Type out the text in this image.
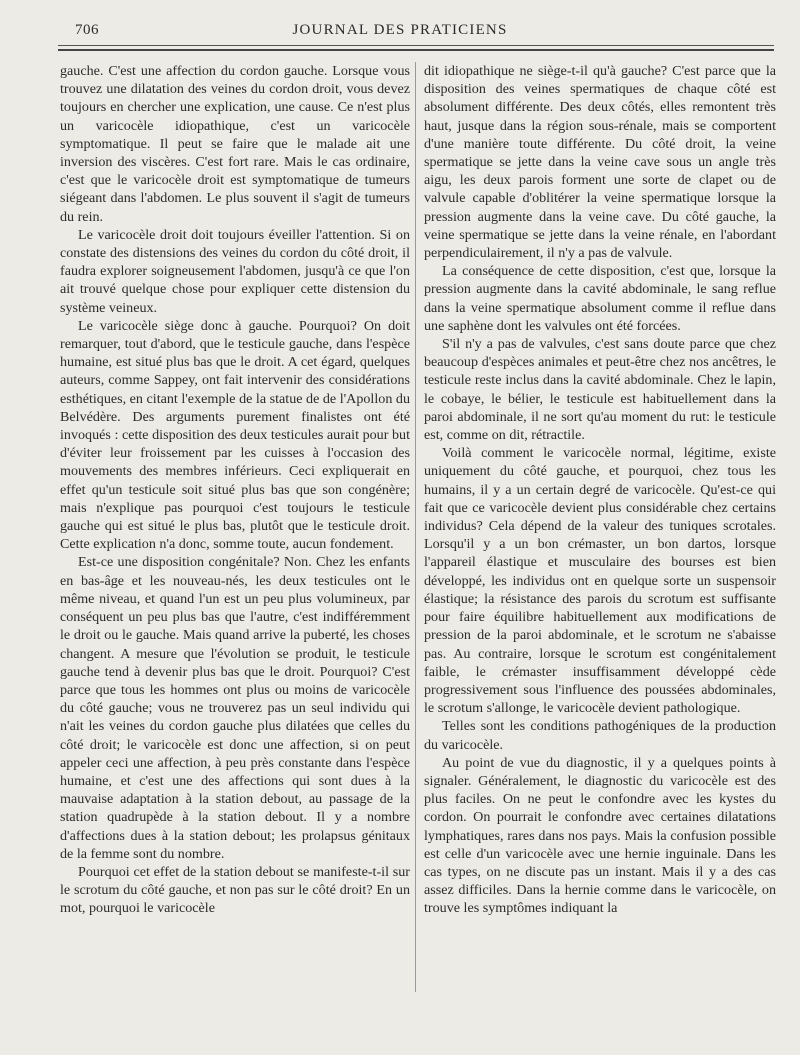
706	JOURNAL DES PRATICIENS

gauche. C'est une affection du cordon gauche. Lorsque vous trouvez une dilatation des veines du cordon droit, vous devez toujours en chercher une explication, une cause. Ce n'est plus un varicocèle idiopathique, c'est un varicocèle symptomatique. Il peut se faire que le malade ait une inversion des viscères. C'est fort rare. Mais le cas ordinaire, c'est que le varicocèle droit est symptomatique de tumeurs siégeant dans l'abdomen. Le plus souvent il s'agit de tumeurs du rein.

Le varicocèle droit doit toujours éveiller l'attention. Si on constate des distensions des veines du cordon du côté droit, il faudra explorer soigneusement l'abdomen, jusqu'à ce que l'on ait trouvé quelque chose pour expliquer cette distension du système veineux.

Le varicocèle siège donc à gauche. Pourquoi? On doit remarquer, tout d'abord, que le testicule gauche, dans l'espèce humaine, est situé plus bas que le droit. A cet égard, quelques auteurs, comme Sappey, ont fait intervenir des considérations esthétiques, en citant l'exemple de la statue de de l'Apollon du Belvédère. Des arguments purement finalistes ont été invoqués : cette disposition des deux testicules aurait pour but d'éviter leur froissement par les cuisses à l'occasion des mouvements des membres inférieurs. Ceci expliquerait en effet qu'un testicule soit situé plus bas que son congénère; mais n'explique pas pourquoi c'est toujours le testicule gauche qui est situé le plus bas, plutôt que le testicule droit. Cette explication n'a donc, somme toute, aucun fondement.

Est-ce une disposition congénitale? Non. Chez les enfants en bas-âge et les nouveau-nés, les deux testicules ont le même niveau, et quand l'un est un peu plus volumineux, par conséquent un peu plus bas que l'autre, c'est indifféremment le droit ou le gauche. Mais quand arrive la puberté, les choses changent. A mesure que l'évolution se produit, le testicule gauche tend à devenir plus bas que le droit. Pourquoi? C'est parce que tous les hommes ont plus ou moins de varicocèle du côté gauche; vous ne trouverez pas un seul individu qui n'ait les veines du cordon gauche plus dilatées que celles du côté droit; le varicocèle est donc une affection, si on peut appeler ceci une affection, à peu près constante dans l'espèce humaine, et c'est une des affections qui sont dues à la mauvaise adaptation à la station debout, au passage de la station quadrupède à la station debout. Il y a nombre d'affections dues à la station debout; les prolapsus génitaux de la femme sont du nombre.

Pourquoi cet effet de la station debout se manifeste-t-il sur le scrotum du côté gauche, et non pas sur le côté droit? En un mot, pourquoi le varicocèle

dit idiopathique ne siège-t-il qu'à gauche? C'est parce que la disposition des veines spermatiques de chaque côté est absolument différente. Des deux côtés, elles remontent très haut, jusque dans la région sous-rénale, mais se comportent d'une manière toute différente. Du côté droit, la veine spermatique se jette dans la veine cave sous un angle très aigu, les deux parois forment une sorte de clapet ou de valvule capable d'oblitérer la veine spermatique lorsque la pression augmente dans la veine cave. Du côté gauche, la veine spermatique se jette dans la veine rénale, en l'abordant perpendiculairement, il n'y a pas de valvule.

La conséquence de cette disposition, c'est que, lorsque la pression augmente dans la cavité abdominale, le sang reflue dans la veine spermatique absolument comme il reflue dans une saphène dont les valvules ont été forcées.

S'il n'y a pas de valvules, c'est sans doute parce que chez beaucoup d'espèces animales et peut-être chez nos ancêtres, le testicule reste inclus dans la cavité abdominale. Chez le lapin, le cobaye, le bélier, le testicule est habituellement dans la paroi abdominale, il ne sort qu'au moment du rut: le testicule est, comme on dit, rétractile.

Voilà comment le varicocèle normal, légitime, existe uniquement du côté gauche, et pourquoi, chez tous les humains, il y a un certain degré de varicocèle. Qu'est-ce qui fait que ce varicocèle devient plus considérable chez certains individus? Cela dépend de la valeur des tuniques scrotales. Lorsqu'il y a un bon crémaster, un bon dartos, lorsque l'appareil élastique et musculaire des bourses est bien développé, les individus ont en quelque sorte un suspensoir élastique; la résistance des parois du scrotum est suffisante pour faire équilibre habituellement aux modifications de pression de la paroi abdominale, et le scrotum ne s'abaisse pas. Au contraire, lorsque le scrotum est congénitalement faible, le crémaster insuffisamment développé cède progressivement sous l'influence des poussées abdominales, le scrotum s'allonge, le varicocèle devient pathologique.

Telles sont les conditions pathogéniques de la production du varicocèle.

Au point de vue du diagnostic, il y a quelques points à signaler. Généralement, le diagnostic du varicocèle est des plus faciles. On ne peut le confondre avec les kystes du cordon. On pourrait le confondre avec certaines dilatations lymphatiques, rares dans nos pays. Mais la confusion possible est celle d'un varicocèle avec une hernie inguinale. Dans les cas types, on ne discute pas un instant. Mais il y a des cas assez difficiles. Dans la hernie comme dans le varicocèle, on trouve les symptômes indiquant la
